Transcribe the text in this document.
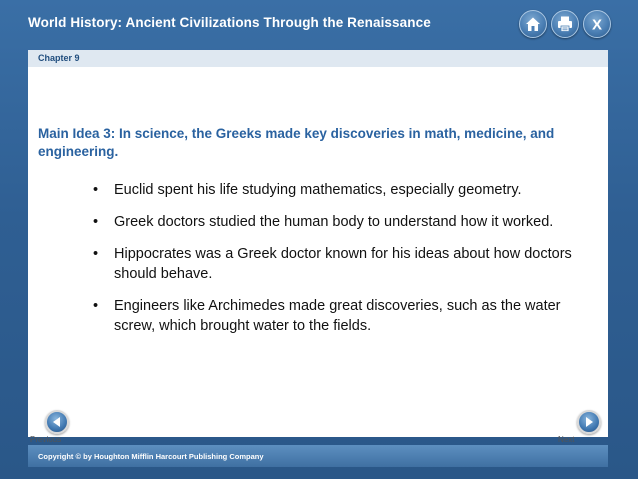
World History: Ancient Civilizations Through the Renaissance	X
Chapter 9
Main Idea 3: In science, the Greeks made key discoveries in math, medicine, and engineering.
• Euclid spent his life studying mathematics, especially geometry.
• Greek doctors studied the human body to understand how it worked.
• Hippocrates was a Greek doctor known for his ideas about how doctors should behave.
• Engineers like Archimedes made great discoveries, such as the water screw, which brought water to the fields.
Previous	Next
Copyright © by Houghton Mifflin Harcourt Publishing Company
